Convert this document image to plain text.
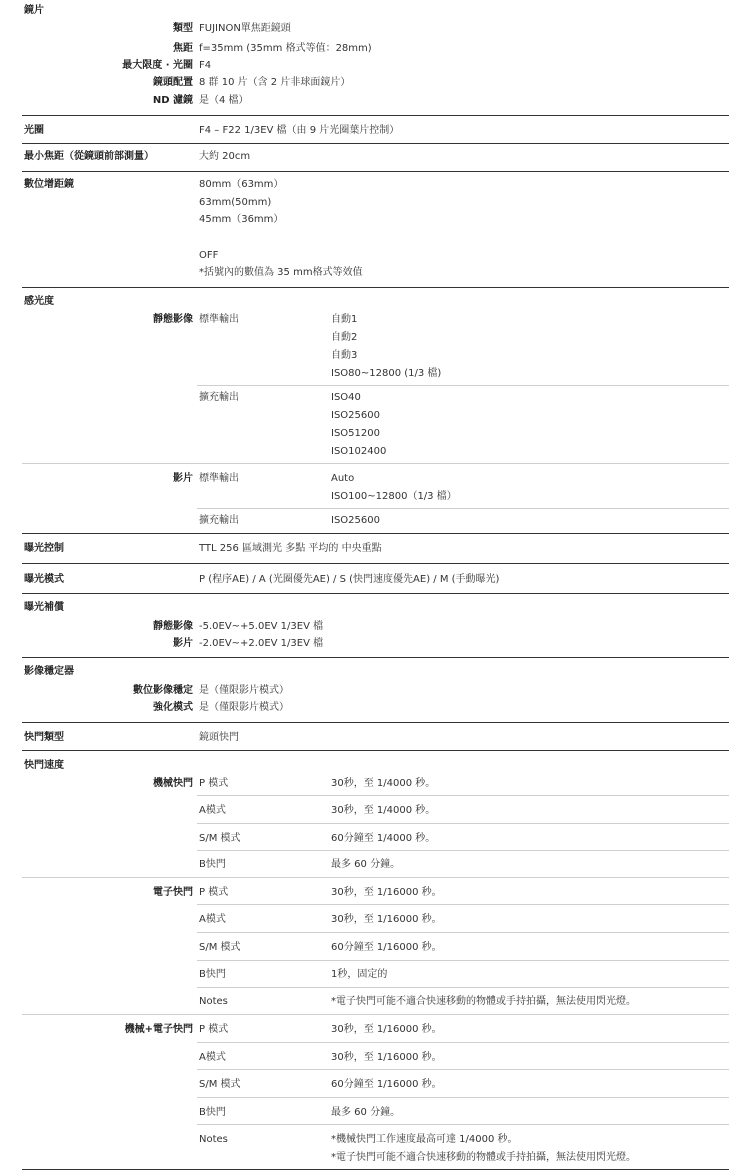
鏡片
類型 FUJINON單焦距鏡頭
焦距 f=35mm (35mm 格式等值：28mm)
最大限度 · 光圈 F4
鏡頭配置 8 群 10 片（含 2 片非球面鏡片）
ND 濾鏡 是（4 檔）
光圈	F4 – F22 1/3EV 檔（由 9 片光圈葉片控制）
最小焦距（從鏡頭前部測量）	大約 20cm
數位增距鏡	80mm（63mm）
63mm(50mm)
45mm（36mm）
OFF
*括號內的數值為 35 mm格式等效值
感光度
靜態影像 標準輸出	自動1
自動2
自動3
ISO80~12800 (1/3 檔)
擴充輸出	ISO40
ISO25600
ISO51200
ISO102400
影片 標準輸出	Auto
ISO100~12800（1/3 檔）
擴充輸出	ISO25600
曝光控制	TTL 256 區域測光 多點 平均的 中央重點
曝光模式	P (程序AE) / A (光圈優先AE) / S (快門速度優先AE) / M (手動曝光)
曝光補償
靜態影像 -5.0EV~+5.0EV 1/3EV 檔
影片 -2.0EV~+2.0EV 1/3EV 檔
影像穩定器
數位影像穩定 是（僅限影片模式）
強化模式 是（僅限影片模式）
快門類型	鏡頭快門
快門速度
機械快門 P 模式	30秒，至 1/4000 秒。
A模式	30秒，至 1/4000 秒。
S/M 模式	60分鐘至 1/4000 秒。
B快門	最多 60 分鐘。
電子快門 P 模式	30秒，至 1/16000 秒。
A模式	30秒，至 1/16000 秒。
S/M 模式	60分鐘至 1/16000 秒。
B快門	1秒，固定的
Notes	*電子快門可能不適合快速移動的物體或手持拍攝，無法使用閃光燈。
機械+電子快門 P 模式	30秒，至 1/16000 秒。
A模式	30秒，至 1/16000 秒。
S/M 模式	60分鐘至 1/16000 秒。
B快門	最多 60 分鐘。
Notes	*機械快門工作速度最高可達 1/4000 秒。
*電子快門可能不適合快速移動的物體或手持拍攝，無法使用閃光燈。
